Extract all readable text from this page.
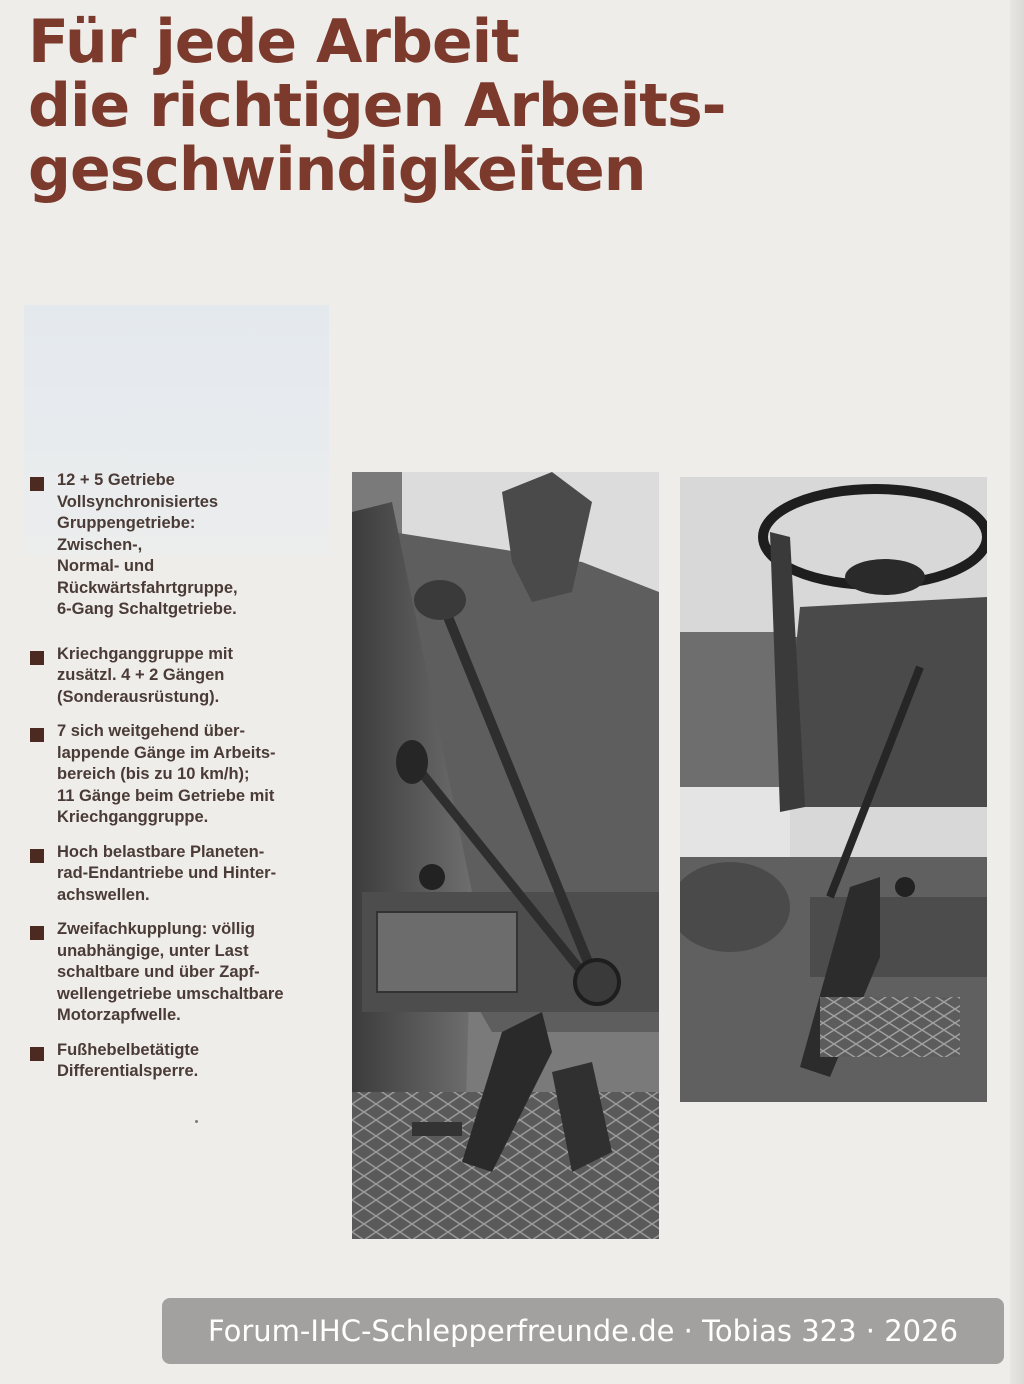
Für jede Arbeit
die richtigen Arbeits-
geschwindigkeiten
12 + 5 Getriebe
Vollsynchronisiertes
Gruppengetriebe:
Zwischen-,
Normal- und
Rückwärtsfahrtgruppe,
6-Gang Schaltgetriebe.
Kriechganggruppe mit
zusätzl. 4 + 2 Gängen
(Sonderausrüstung).
7 sich weitgehend über-
lappende Gänge im Arbeits-
bereich (bis zu 10 km/h);
11 Gänge beim Getriebe mit
Kriechganggruppe.
Hoch belastbare Planeten-
rad-Endantriebe und Hinter-
achswellen.
Zweifachkupplung: völlig
unabhängige, unter Last
schaltbare und über Zapf-
wellengetriebe umschaltbare
Motorzapfwelle.
Fußhebelbetätigte
Differentialsperre.
Forum-IHC-Schlepperfreunde.de · Tobias 323 · 2026
